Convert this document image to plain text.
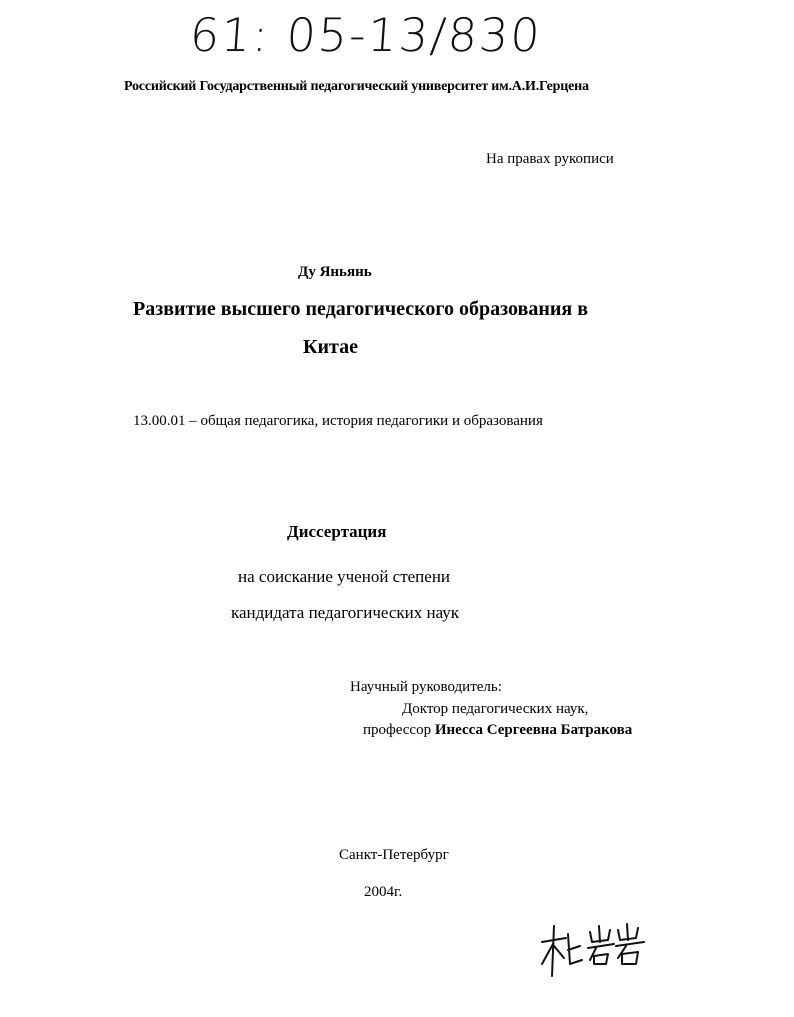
61: 05-13/830
Российский Государственный педагогический университет им.А.И.Герцена
На правах рукописи
Ду Яньянь
Развитие высшего педагогического образования в
Китае
13.00.01 – общая педагогика, история педагогики и образования
Диссертация
на соискание ученой степени
кандидата педагогических наук
Научный руководитель:
Доктор педагогических наук,
профессор Инесса Сергеевна Батракова
Санкт-Петербург
2004г.
